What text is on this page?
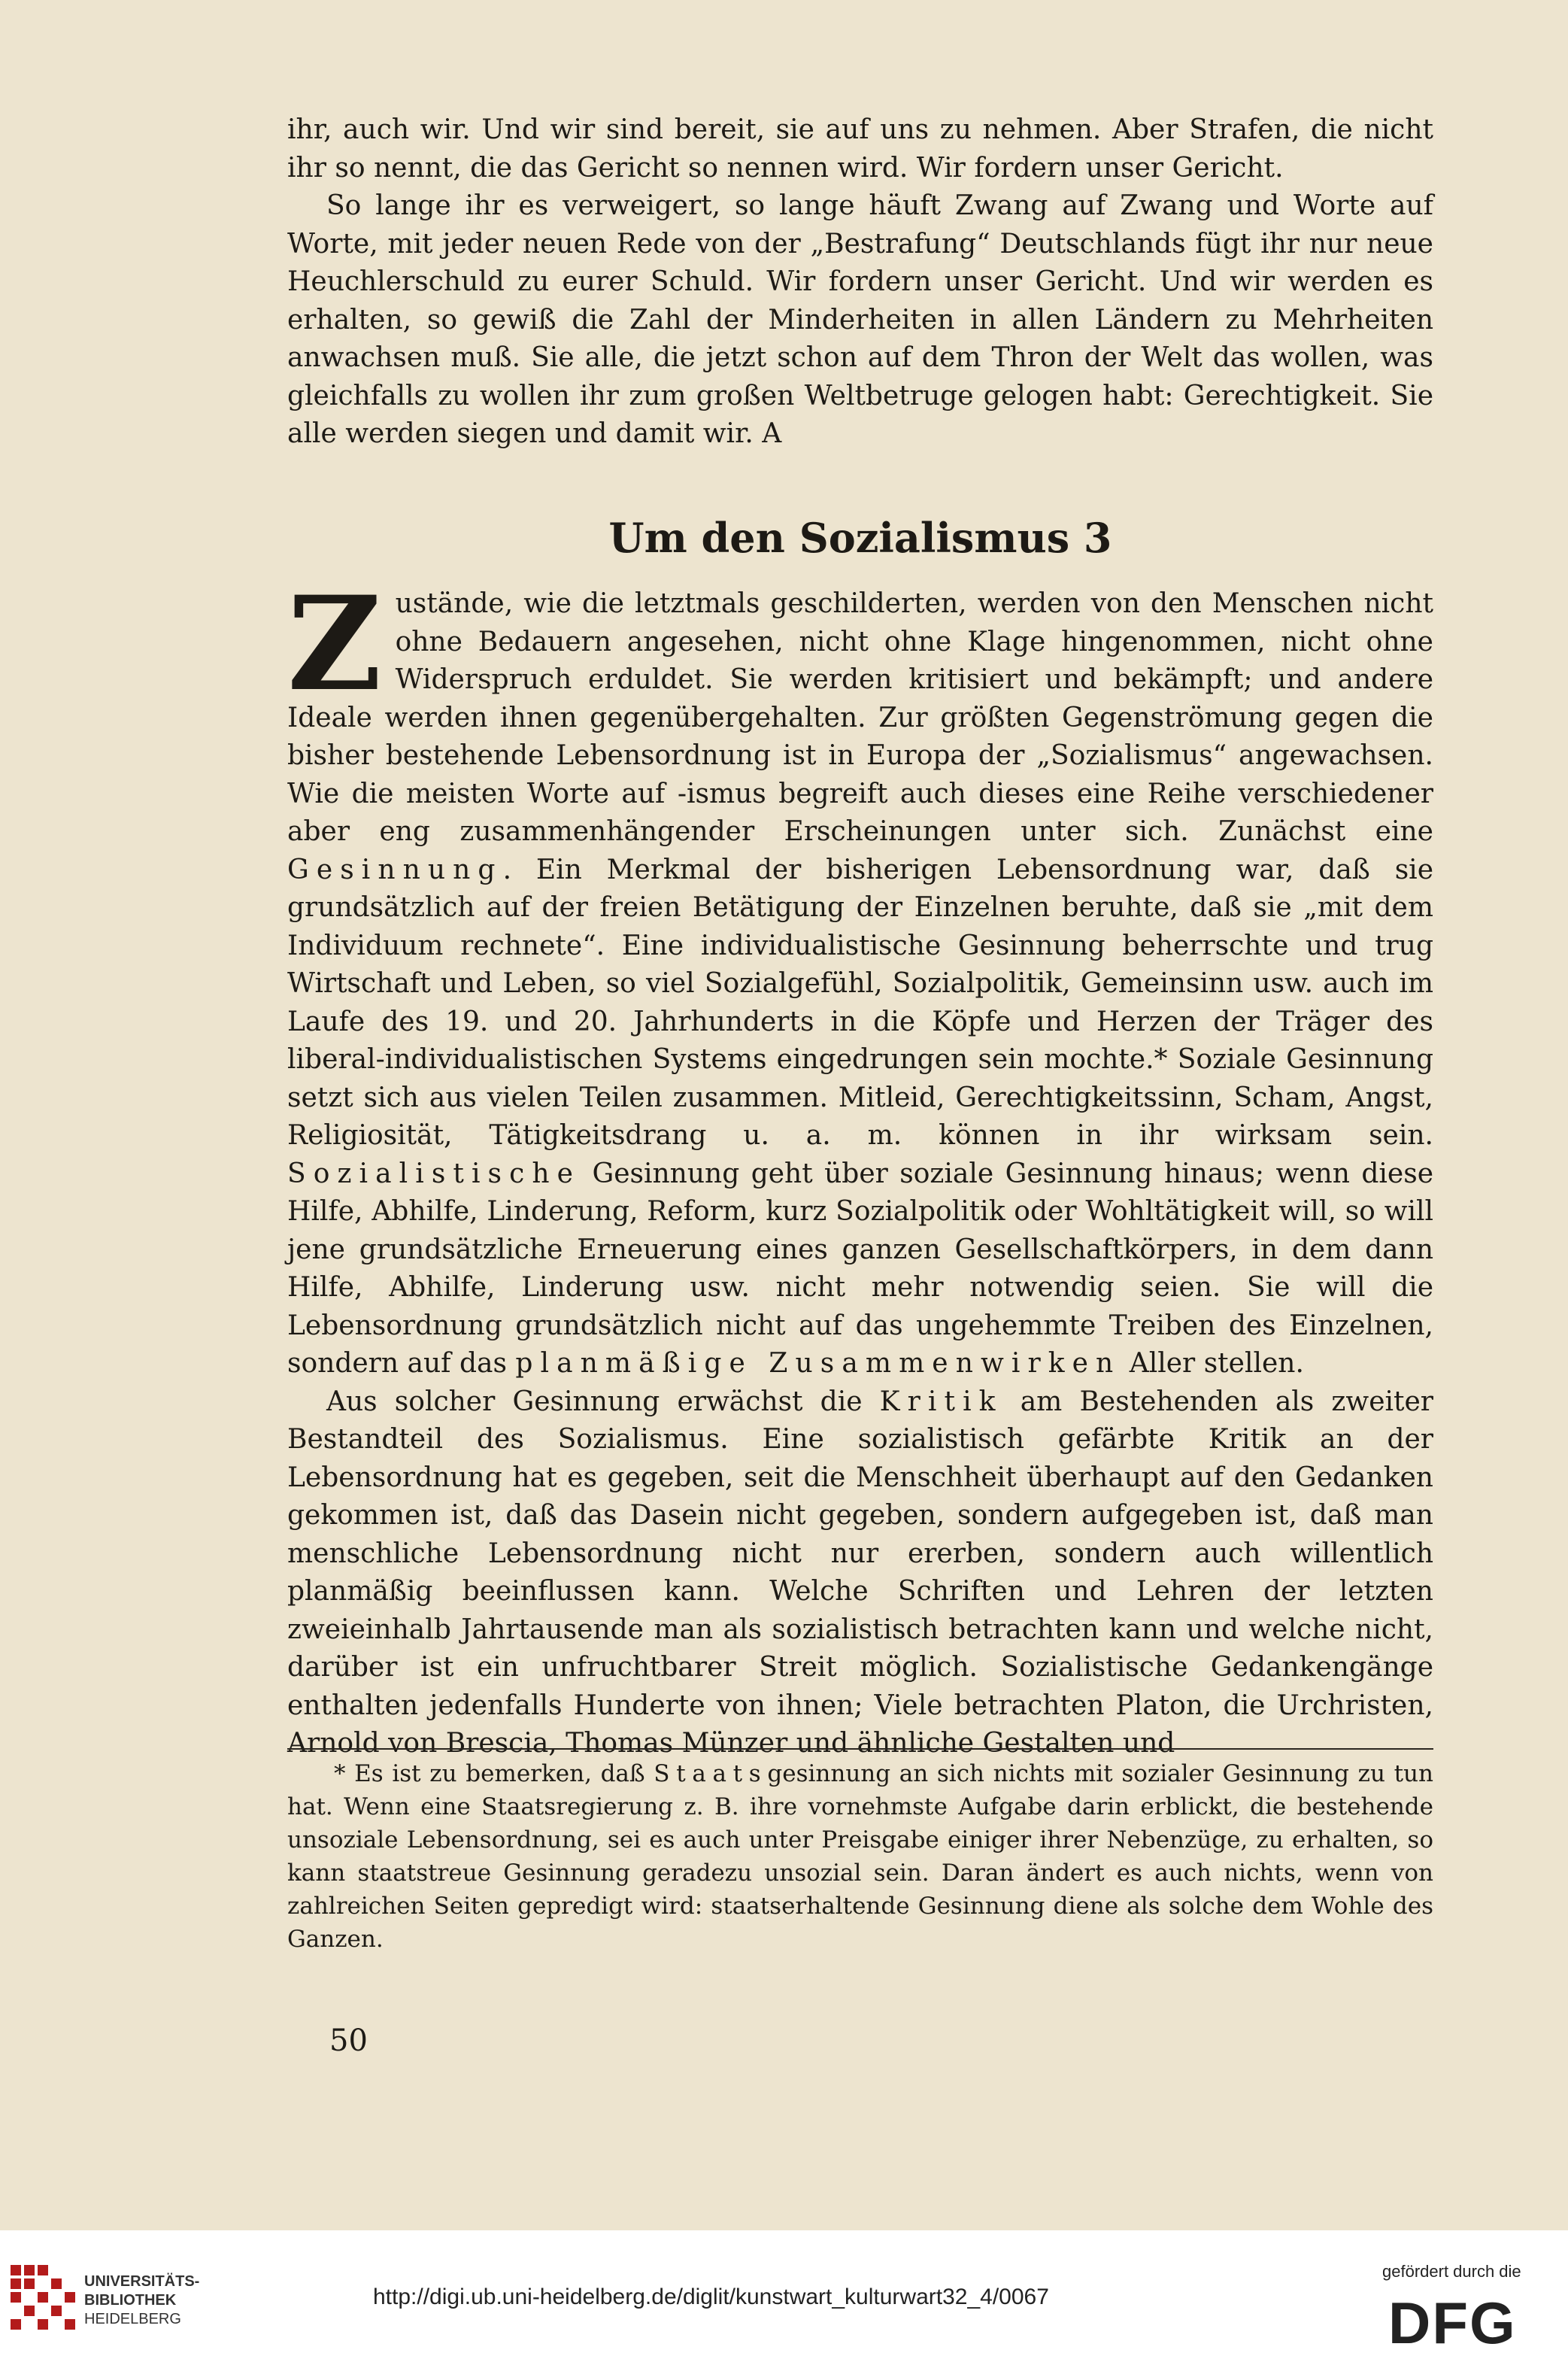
ihr, auch wir. Und wir sind bereit, sie auf uns zu nehmen. Aber Strafen, die nicht ihr so nennt, die das Gericht so nennen wird. Wir fordern unser Gericht.

So lange ihr es verweigert, so lange häuft Zwang auf Zwang und Worte auf Worte, mit jeder neuen Rede von der „Bestrafung“ Deutschlands fügt ihr nur neue Heuchlerschuld zu eurer Schuld. Wir fordern unser Gericht. Und wir werden es erhalten, so gewiß die Zahl der Minderheiten in allen Ländern zu Mehrheiten anwachsen muß. Sie alle, die jetzt schon auf dem Thron der Welt das wollen, was gleichfalls zu wollen ihr zum großen Weltbetruge gelogen habt: Gerechtigkeit. Sie alle werden siegen und damit wir. A

Um den Sozialismus 3

Zustände, wie die letztmals geschilderten, werden von den Menschen nicht ohne Bedauern angesehen, nicht ohne Klage hingenommen, nicht ohne Widerspruch erduldet. Sie werden kritisiert und bekämpft; und andere Ideale werden ihnen gegenübergehalten. Zur größten Gegenströmung gegen die bisher bestehende Lebensordnung ist in Europa der „Sozialismus“ angewachsen. Wie die meisten Worte auf -ismus begreift auch dieses eine Reihe verschiedener aber eng zusammenhängender Erscheinungen unter sich. Zunächst eine Gesinnung. Ein Merkmal der bisherigen Lebensordnung war, daß sie grundsätzlich auf der freien Betätigung der Einzelnen beruhte, daß sie „mit dem Individuum rechnete“. Eine individualistische Gesinnung beherrschte und trug Wirtschaft und Leben, so viel Sozialgefühl, Sozialpolitik, Gemeinsinn usw. auch im Laufe des 19. und 20. Jahrhunderts in die Köpfe und Herzen der Träger des liberal-individualistischen Systems eingedrungen sein mochte.* Soziale Gesinnung setzt sich aus vielen Teilen zusammen. Mitleid, Gerechtigkeitssinn, Scham, Angst, Religiosität, Tätigkeitsdrang u. a. m. können in ihr wirksam sein. Sozialistische Gesinnung geht über soziale Gesinnung hinaus; wenn diese Hilfe, Abhilfe, Linderung, Reform, kurz Sozialpolitik oder Wohltätigkeit will, so will jene grundsätzliche Erneuerung eines ganzen Gesellschaftkörpers, in dem dann Hilfe, Abhilfe, Linderung usw. nicht mehr notwendig seien. Sie will die Lebensordnung grundsätzlich nicht auf das ungehemmte Treiben des Einzelnen, sondern auf das planmäßige Zusammenwirken Aller stellen.

Aus solcher Gesinnung erwächst die Kritik am Bestehenden als zweiter Bestandteil des Sozialismus. Eine sozialistisch gefärbte Kritik an der Lebensordnung hat es gegeben, seit die Menschheit überhaupt auf den Gedanken gekommen ist, daß das Dasein nicht gegeben, sondern aufgegeben ist, daß man menschliche Lebensordnung nicht nur ererben, sondern auch willentlich planmäßig beeinflussen kann. Welche Schriften und Lehren der letzten zweieinhalb Jahrtausende man als sozialistisch betrachten kann und welche nicht, darüber ist ein unfruchtbarer Streit möglich. Sozialistische Gedankengänge enthalten jedenfalls Hunderte von ihnen; Viele betrachten Platon, die Urchristen, Arnold von Brescia, Thomas Münzer und ähnliche Gestalten und

* Es ist zu bemerken, daß Staatsgesinnung an sich nichts mit sozialer Gesinnung zu tun hat. Wenn eine Staatsregierung z. B. ihre vornehmste Aufgabe darin erblickt, die bestehende unsoziale Lebensordnung, sei es auch unter Preisgabe einiger ihrer Nebenzüge, zu erhalten, so kann staatstreue Gesinnung geradezu unsozial sein. Daran ändert es auch nichts, wenn von zahlreichen Seiten gepredigt wird: staatserhaltende Gesinnung diene als solche dem Wohle des Ganzen.

50
UNIVERSITÄTS-
BIBLIOTHEK
HEIDELBERG
http://digi.ub.uni-heidelberg.de/diglit/kunstwart_kulturwart32_4/0067
gefördert durch die
DFG
